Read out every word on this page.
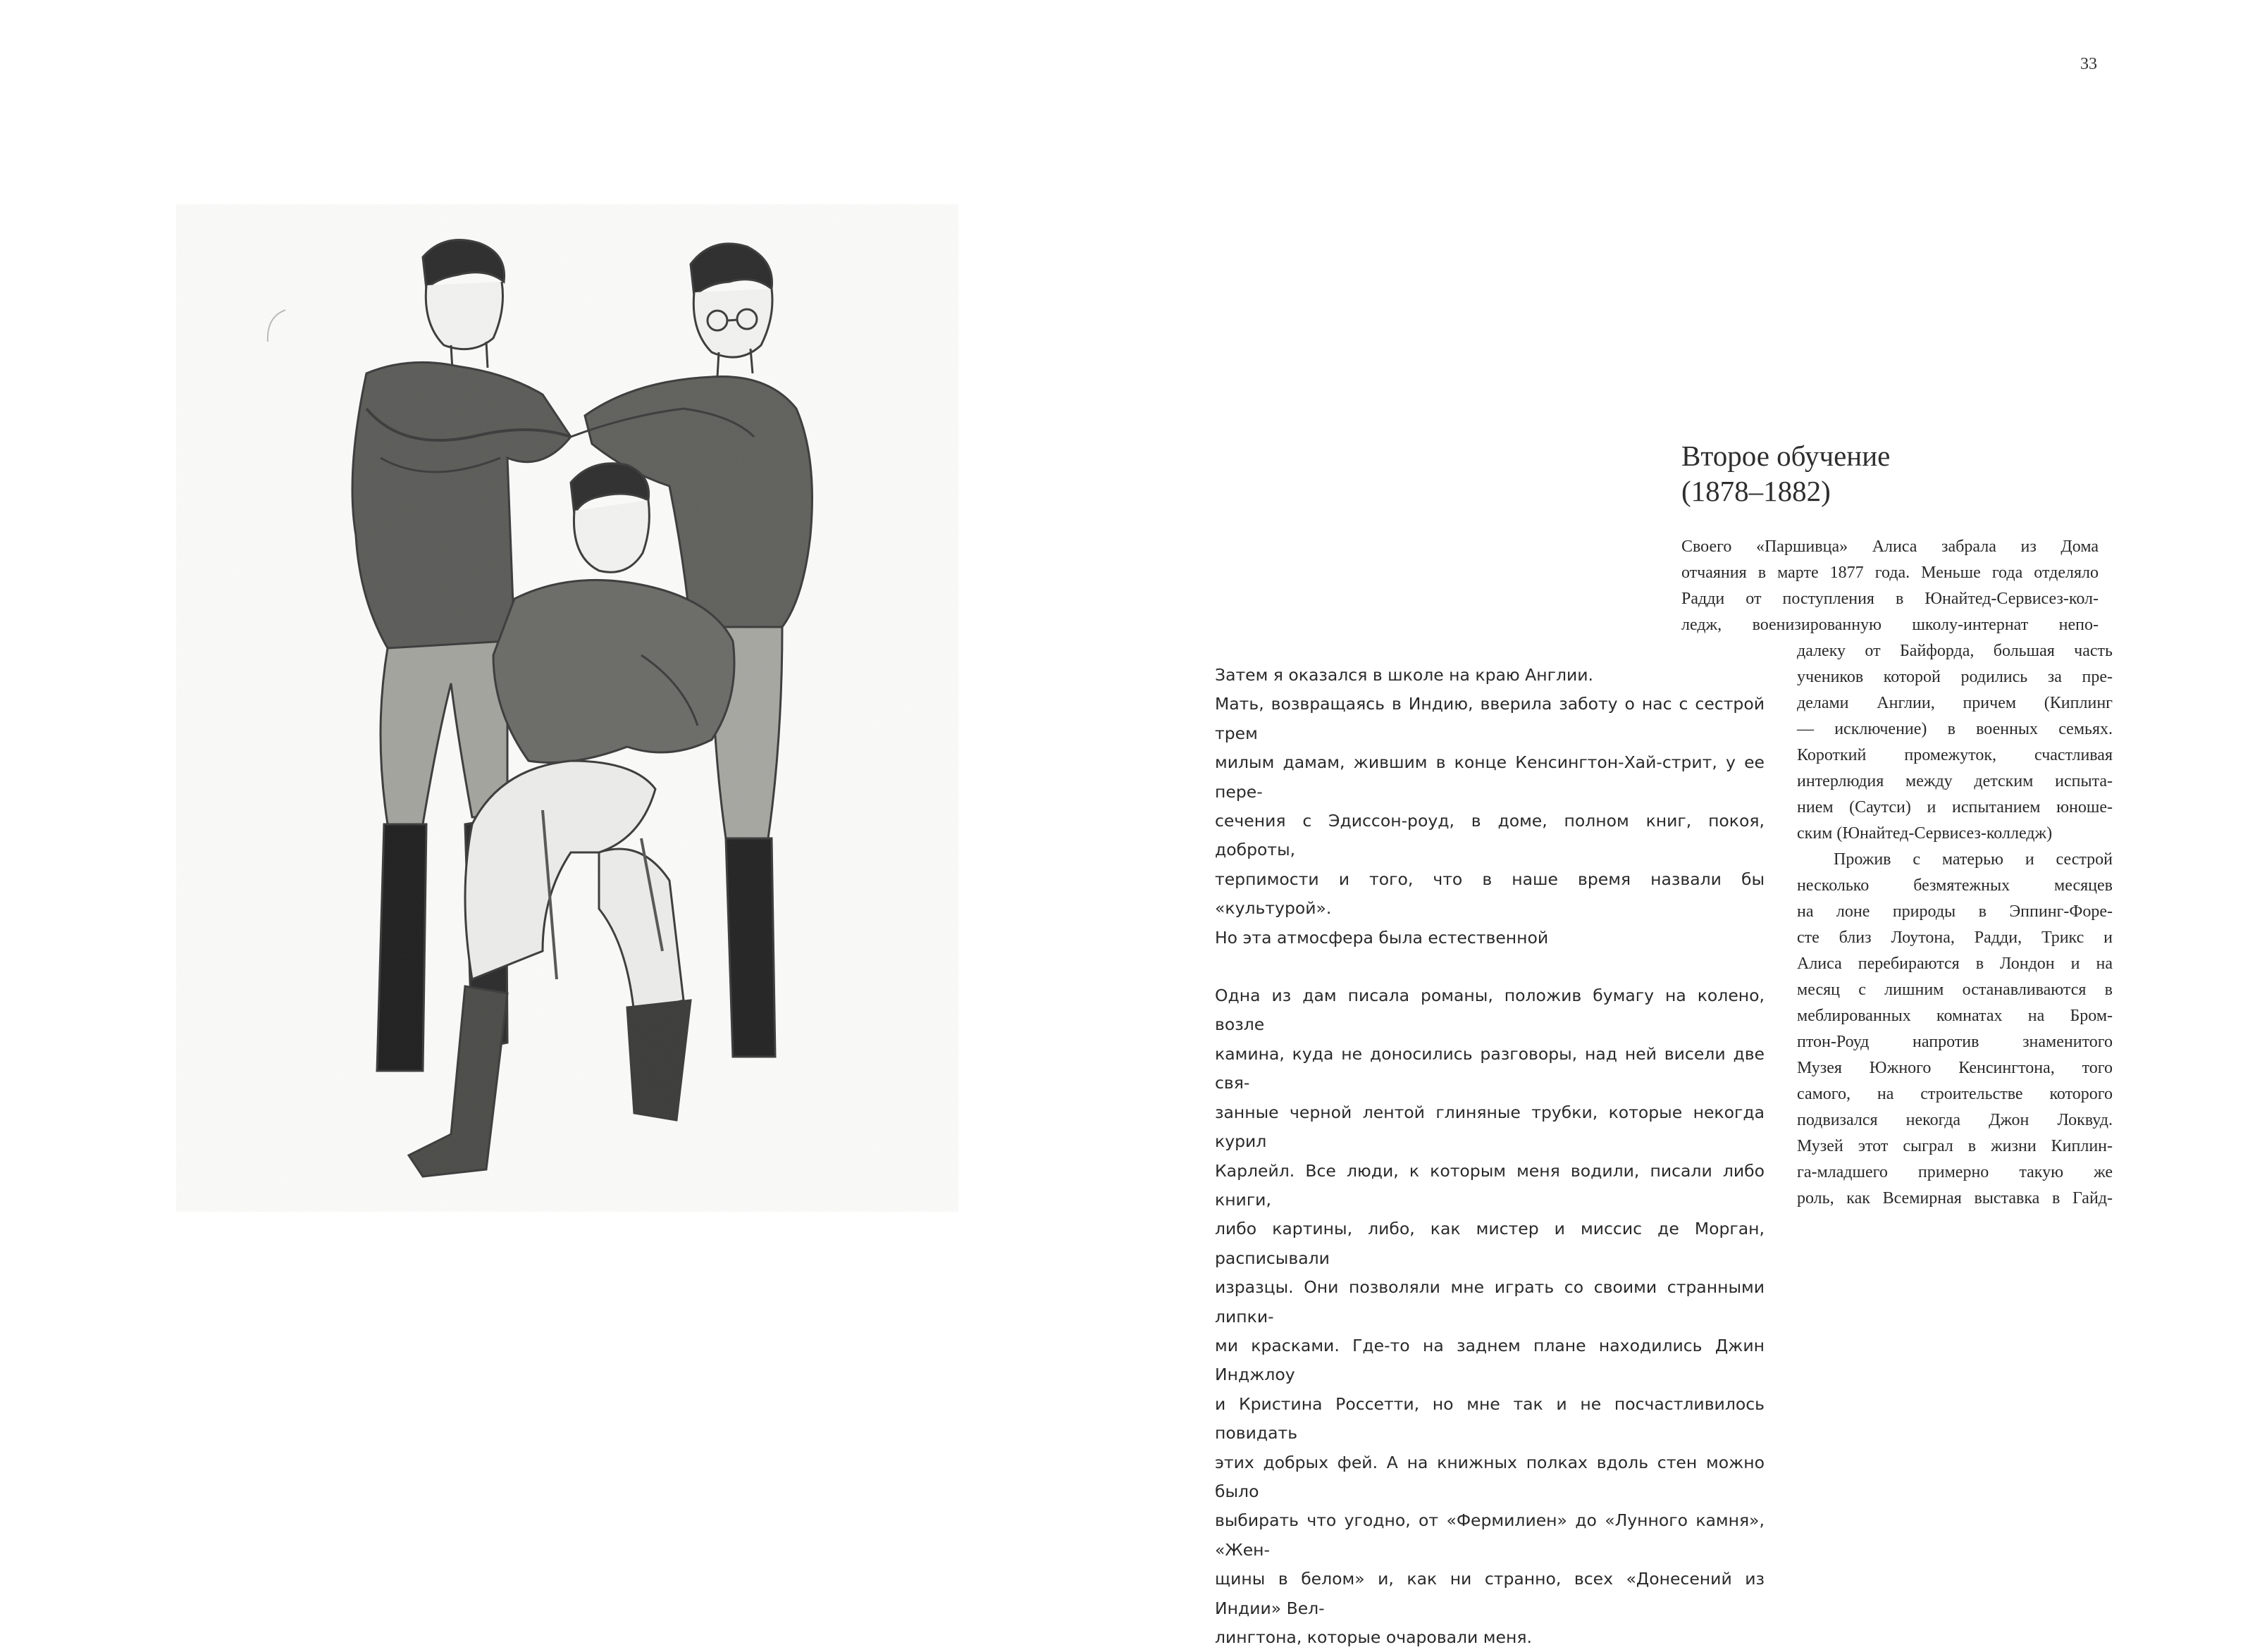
33

Затем я оказался в школе на краю Англии.
Мать, возвращаясь в Индию, вверила заботу о нас с сестрой трем
милым дамам, жившим в конце Кенсингтон-Хай-стрит, у ее пере-
сечения с Эдиссон-роуд, в доме, полном книг, покоя, доброты,
терпимости и того, что в наше время назвали бы «культурой».
Но эта атмосфера была естественной

Одна из дам писала романы, положив бумагу на колено, возле
камина, куда не доносились разговоры, над ней висели две свя-
занные черной лентой глиняные трубки, которые некогда курил
Карлейл. Все люди, к которым меня водили, писали либо книги,
либо картины, либо, как мистер и миссис де Морган, расписывали
изразцы. Они позволяли мне играть со своими странными липки-
ми красками. Где-то на заднем плане находились Джин Инджлоу
и Кристина Россетти, но мне так и не посчастливилось повидать
этих добрых фей. А на книжных полках вдоль стен можно было
выбирать что угодно, от «Фермилиен» до «Лунного камня», «Жен-
щины в белом» и, как ни странно, всех «Донесений из Индии» Вел-
лингтона, которые очаровали меня.

Второе обучение
(1878–1882)
Своего «Паршивца» Алиса забрала из Дома
отчаяния в марте 1877 года. Меньше года отделяло
Радди от поступления в Юнайтед-Сервисез-кол-
ледж, военизированную школу-интернат непо-
далеку от Байфорда, большая часть
учеников которой родились за пре-
делами Англии, причем (Киплинг
— исключение) в военных семьях.
Короткий промежуток, счастливая
интерлюдия между детским испыта-
нием (Саутси) и испытанием юноше-
ским (Юнайтед-Сервисез-колледж)
Прожив с матерью и сестрой
несколько безмятежных месяцев
на лоне природы в Эппинг-Форе-
сте близ Лоутона, Радди, Трикс и
Алиса перебираются в Лондон и на
месяц с лишним останавливаются в
меблированных комнатах на Бром-
птон-Роуд напротив знаменитого
Музея Южного Кенсингтона, того
самого, на строительстве которого
подвизался некогда Джон Локвуд.
Музей этот сыграл в жизни Киплин-
га-младшего примерно такую же
роль, как Всемирная выставка в Гайд-
